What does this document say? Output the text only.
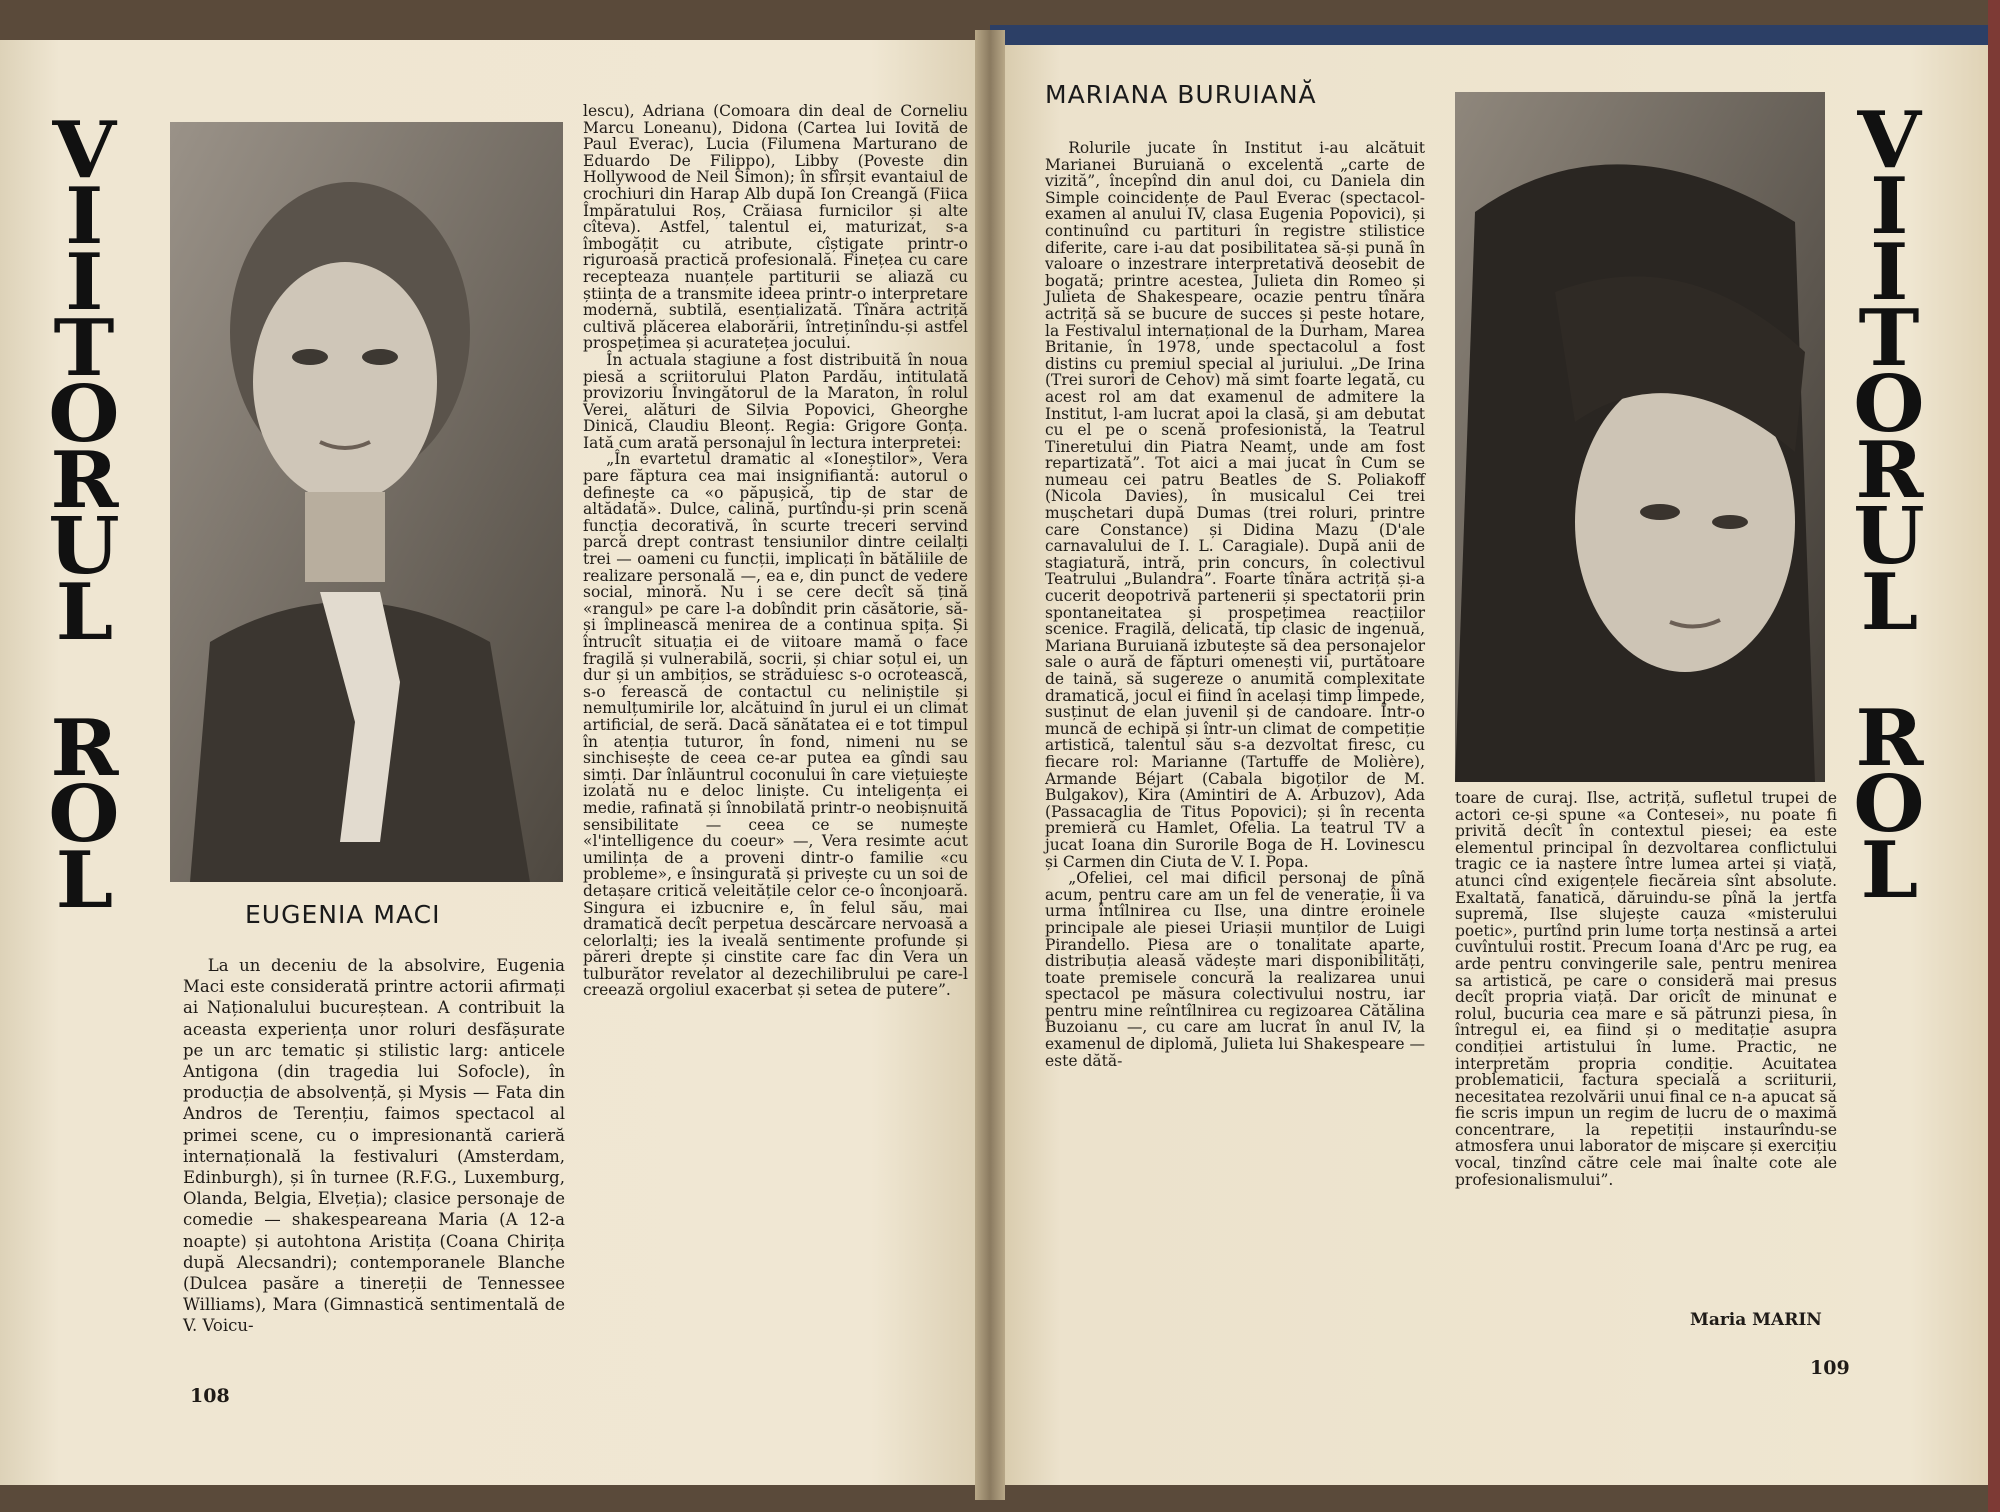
V
I
I
T
O
R
U
L
R
O
L	EUGENIA MACI

La un deceniu de la absolvire, Eugenia Maci este considerată printre actorii afirmați ai Naționalului bucureștean. A contribuit la aceasta experiența unor roluri desfășurate pe un arc tematic și stilistic larg: anticele Antigona (din tragedia lui Sofocle), în producția de absolvență, și Mysis — Fata din Andros de Terențiu, faimos spectacol al primei scene, cu o impresionantă carieră internațională la festivaluri (Amsterdam, Edinburgh), și în turnee (R.F.G., Luxemburg, Olanda, Belgia, Elveția); clasice personaje de comedie — shakespeareana Maria (A 12-a noapte) și autohtona Aristița (Coana Chirița după Alecsandri); contemporanele Blanche (Dulcea pasăre a tinereții de Tennessee Williams), Mara (Gimnastică sentimentală de V. Voicu-

lescu), Adriana (Comoara din deal de Corneliu Marcu Loneanu), Didona (Cartea lui Iovită de Paul Everac), Lucia (Filumena Marturano de Eduardo De Filippo), Libby (Poveste din Hollywood de Neil Simon); în sfîrșit evantaiul de crochiuri din Harap Alb după Ion Creangă (Fiica Împăratului Roș, Crăiasa furnicilor și alte cîteva). Astfel, talentul ei, maturizat, s-a îmbogățit cu atribute, cîștigate printr-o riguroasă practică profesională. Finețea cu care recepteaza nuanțele partiturii se aliază cu știința de a transmite ideea printr-o interpretare modernă, subtilă, esențializată. Tînăra actriță cultivă plăcerea elaborării, întreținîndu-și astfel prospețimea și acuratețea jocului.

În actuala stagiune a fost distribuită în noua piesă a scriitorului Platon Pardău, intitulată provizoriu Învingătorul de la Maraton, în rolul Verei, alături de Silvia Popovici, Gheorghe Dinică, Claudiu Bleonț. Regia: Grigore Gonța. Iată cum arată personajul în lectura interpretei:

„În evartetul dramatic al «Ioneștilor», Vera pare făptura cea mai insignifiantă: autorul o definește ca «o păpușică, tip de star de altădată». Dulce, calină, purtîndu-și prin scenă funcția decorativă, în scurte treceri servind parcă drept contrast tensiunilor dintre ceilalți trei — oameni cu funcții, implicați în bătăliile de realizare personală —, ea e, din punct de vedere social, minoră. Nu i se cere decît să țină «rangul» pe care l-a dobîndit prin căsătorie, să-și împlinească menirea de a continua spița. Și întrucît situația ei de viitoare mamă o face fragilă și vulnerabilă, socrii, și chiar soțul ei, un dur și un ambițios, se străduiesc s-o ocrotească, s-o ferească de contactul cu neliniștile și nemulțumirile lor, alcătuind în jurul ei un climat artificial, de seră. Dacă sănătatea ei e tot timpul în atenția tuturor, în fond, nimeni nu se sinchisește de ceea ce-ar putea ea gîndi sau simți. Dar înlăuntrul coconului în care viețuiește izolată nu e deloc liniște. Cu inteligența ei medie, rafinată și înnobilată printr-o neobișnuită sensibilitate — ceea ce se numește «l'intelligence du coeur» —, Vera resimte acut umilința de a proveni dintr-o familie «cu probleme», e însingurată și privește cu un soi de detașare critică veleitățile celor ce-o înconjoară. Singura ei izbucnire e, în felul său, mai dramatică decît perpetua descărcare nervoasă a celorlalți; ies la iveală sentimente profunde și păreri drepte și cinstite care fac din Vera un tulburător revelator al dezechilibrului pe care-l creează orgoliul exacerbat și setea de putere”.

108
MARIANA BURUIANĂ

Rolurile jucate în Institut i-au alcătuit Marianei Buruiană o excelentă „carte de vizită”, începînd din anul doi, cu Daniela din Simple coincidențe de Paul Everac (spectacol-examen al anului IV, clasa Eugenia Popovici), și continuînd cu partituri în registre stilistice diferite, care i-au dat posibilitatea să-și pună în valoare o inzestrare interpretativă deosebit de bogată; printre acestea, Julieta din Romeo și Julieta de Shakespeare, ocazie pentru tînăra actriță să se bucure de succes și peste hotare, la Festivalul internațional de la Durham, Marea Britanie, în 1978, unde spectacolul a fost distins cu premiul special al juriului. „De Irina (Trei surori de Cehov) mă simt foarte legată, cu acest rol am dat examenul de admitere la Institut, l-am lucrat apoi la clasă, și am debutat cu el pe o scenă profesionistă, la Teatrul Tineretului din Piatra Neamț, unde am fost repartizată”. Tot aici a mai jucat în Cum se numeau cei patru Beatles de S. Poliakoff (Nicola Davies), în musicalul Cei trei mușchetari după Dumas (trei roluri, printre care Constance) și Didina Mazu (D'ale carnavalului de I. L. Caragiale). După anii de stagiatură, intră, prin concurs, în colectivul Teatrului „Bulandra”. Foarte tînăra actriță și-a cucerit deopotrivă partenerii și spectatorii prin spontaneitatea și prospețimea reacțiilor scenice. Fragilă, delicată, tip clasic de ingenuă, Mariana Buruiană izbutește să dea personajelor sale o aură de făpturi omenești vii, purtătoare de taină, să sugereze o anumită complexitate dramatică, jocul ei fiind în același timp limpede, susținut de elan juvenil și de candoare. Într-o muncă de echipă și într-un climat de competiție artistică, talentul său s-a dezvoltat firesc, cu fiecare rol: Marianne (Tartuffe de Molière), Armande Béjart (Cabala bigoților de M. Bulgakov), Kira (Amintiri de A. Arbuzov), Ada (Passacaglia de Titus Popovici); și în recenta premieră cu Hamlet, Ofelia. La teatrul TV a jucat Ioana din Surorile Boga de H. Lovinescu și Carmen din Ciuta de V. I. Popa.

„Ofeliei, cel mai dificil personaj de pînă acum, pentru care am un fel de venerație, îi va urma întîlnirea cu Ilse, una dintre eroinele principale ale piesei Uriașii munților de Luigi Pirandello. Piesa are o tonalitate aparte, distribuția aleasă vădește mari disponibilități, toate premisele concură la realizarea unui spectacol pe măsura colectivului nostru, iar pentru mine reîntîlnirea cu regizoarea Cătălina Buzoianu —, cu care am lucrat în anul IV, la examenul de diplomă, Julieta lui Shakespeare — este dătă-

toare de curaj. Ilse, actriță, sufletul trupei de actori ce-și spune «a Contesei», nu poate fi privită decît în contextul piesei; ea este elementul principal în dezvoltarea conflictului tragic ce ia naștere între lumea artei și viață, atunci cînd exigențele fiecăreia sînt absolute. Exaltată, fanatică, dăruindu-se pînă la jertfa supremă, Ilse slujește cauza «misterului poetic», purtînd prin lume torța nestinsă a artei cuvîntului rostit. Precum Ioana d'Arc pe rug, ea arde pentru convingerile sale, pentru menirea sa artistică, pe care o consideră mai presus decît propria viață. Dar oricît de minunat e rolul, bucuria cea mare e să pătrunzi piesa, în întregul ei, ea fiind și o meditație asupra condiției artistului în lume. Practic, ne interpretăm propria condiție. Acuitatea problematicii, factura specială a scriiturii, necesitatea rezolvării unui final ce n-a apucat să fie scris impun un regim de lucru de o maximă concentrare, la repetiții instaurîndu-se atmosfera unui laborator de mișcare și exercițiu vocal, tinzînd către cele mai înalte cote ale profesionalismului”.

Maria MARIN
V
I
I
T
O
R
U
L
R
O
L
109
